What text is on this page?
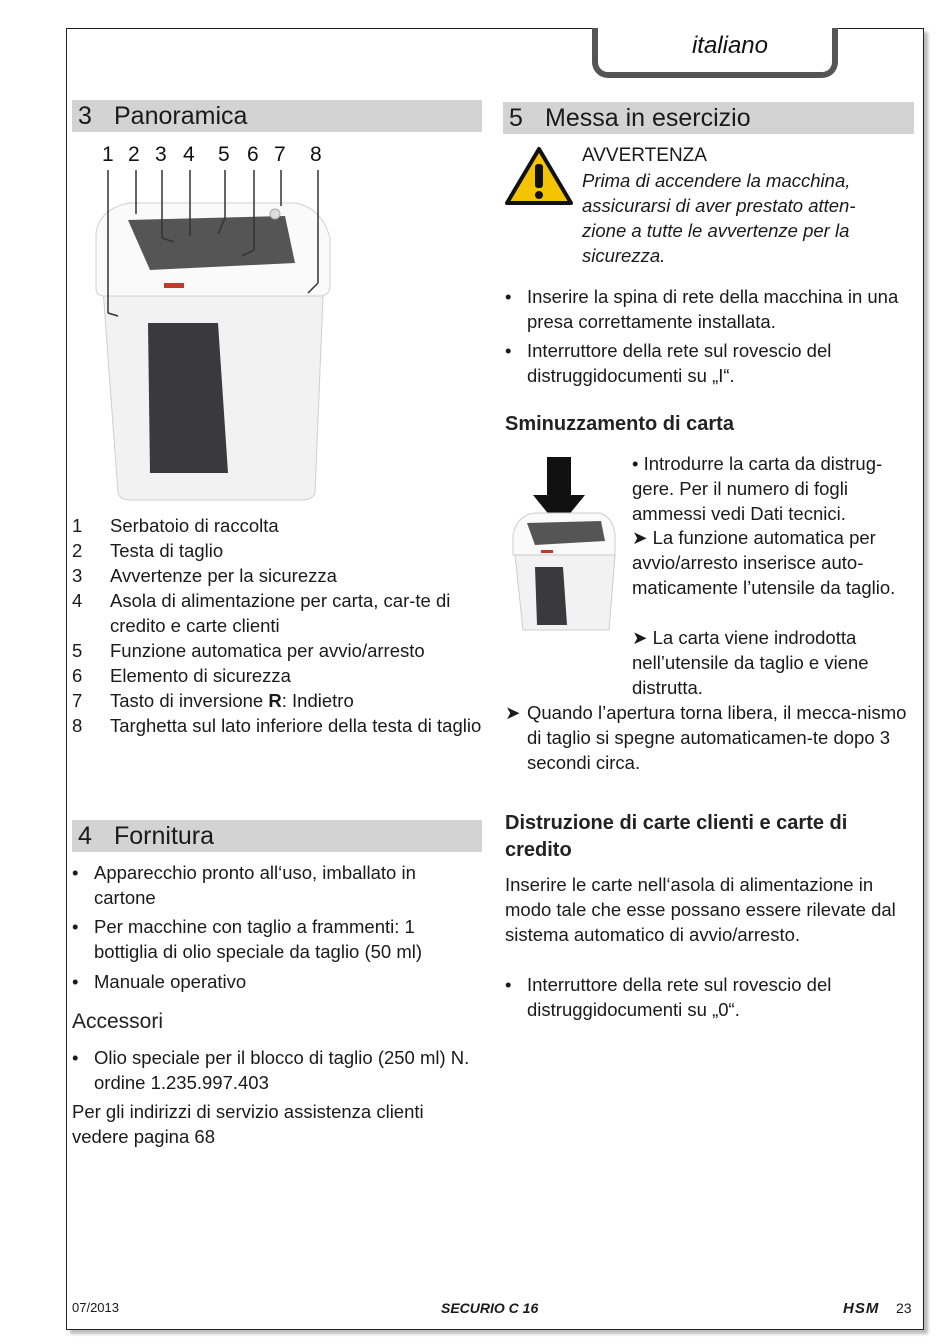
italiano
3 Panoramica
1 2 3 4 5 6 7 8
1	Serbatoio di raccolta
2	Testa di taglio
3	Avvertenze per la sicurezza
4	Asola di alimentazione per carta, car-te di credito e carte clienti
5	Funzione automatica per avvio/arresto
6	Elemento di sicurezza
7	Tasto di inversione R: Indietro
8	Targhetta sul lato inferiore della testa di taglio
4 Fornitura
• Apparecchio pronto all‘uso, imballato in cartone
• Per macchine con taglio a frammenti: 1 bottiglia di olio speciale da taglio (50 ml)
• Manuale operativo
Accessori
• Olio speciale per il blocco di taglio (250 ml) N. ordine 1.235.997.403
Per gli indirizzi di servizio assistenza clienti vedere pagina 68
5 Messa in esercizio
AVVERTENZA
Prima di accendere la macchina, assicurarsi di aver prestato atten-zione a tutte le avvertenze per la sicurezza.
• Inserire la spina di rete della macchina in una presa correttamente installata.
• Interruttore della rete sul rovescio del distruggidocumenti su „I“.
Sminuzzamento di carta
• Introdurre la carta da distrug-gere. Per il numero di fogli ammessi vedi Dati tecnici.
➤ La funzione automatica per avvio/arresto inserisce auto-maticamente l’utensile da taglio.
➤ La carta viene indrodotta nell’utensile da taglio e viene distrutta.
➤ Quando l’apertura torna libera, il mecca-nismo di taglio si spegne automaticamen-te dopo 3 secondi circa.
Distruzione di carte clienti e carte di credito
Inserire le carte nell‘asola di alimentazione in modo tale che esse possano essere rilevate dal sistema automatico di avvio/arresto.
• Interruttore della rete sul rovescio del distruggidocumenti su „0“.
07/2013	SECURIO C 16	HSM 23
